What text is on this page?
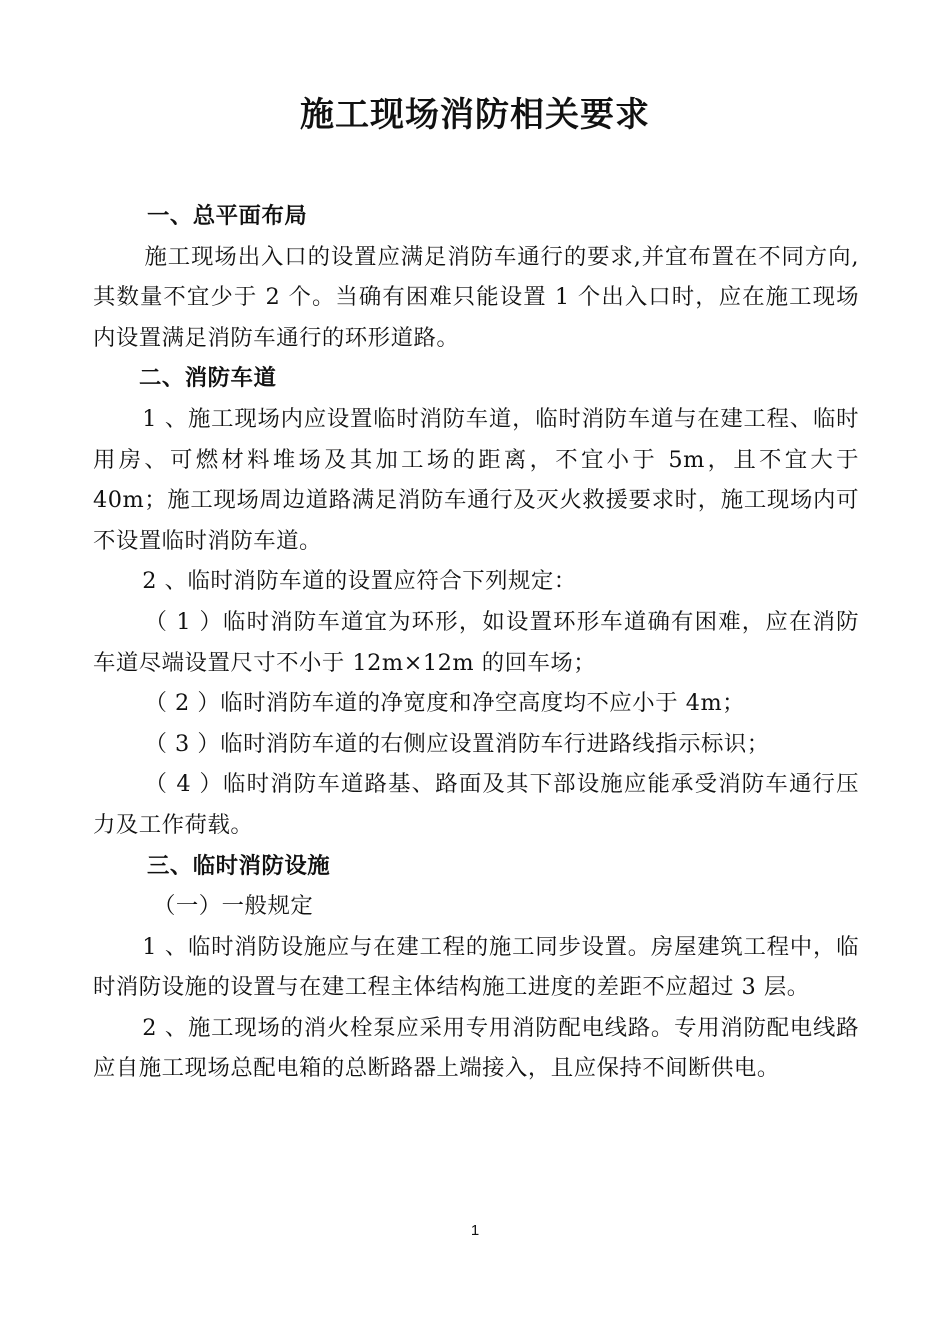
施工现场消防相关要求

一、总平面布局

施工现场出入口的设置应满足消防车通行的要求,并宜布置在不同方向,其数量不宜少于 2 个。当确有困难只能设置 1 个出入口时，应在施工现场内设置满足消防车通行的环形道路。

二、消防车道

1 、施工现场内应设置临时消防车道，临时消防车道与在建工程、临时用房、可燃材料堆场及其加工场的距离，不宜小于 5m，且不宜大于 40m；施工现场周边道路满足消防车通行及灭火救援要求时，施工现场内可不设置临时消防车道。

2 、临时消防车道的设置应符合下列规定：

（ 1 ）临时消防车道宜为环形，如设置环形车道确有困难，应在消防车道尽端设置尺寸不小于 12m×12m 的回车场；

（ 2 ）临时消防车道的净宽度和净空高度均不应小于 4m；

（ 3 ）临时消防车道的右侧应设置消防车行进路线指示标识；

（ 4 ）临时消防车道路基、路面及其下部设施应能承受消防车通行压力及工作荷载。

三、临时消防设施

（一）一般规定

1 、临时消防设施应与在建工程的施工同步设置。房屋建筑工程中，临时消防设施的设置与在建工程主体结构施工进度的差距不应超过 3 层。

2 、施工现场的消火栓泵应采用专用消防配电线路。专用消防配电线路应自施工现场总配电箱的总断路器上端接入，且应保持不间断供电。

1
